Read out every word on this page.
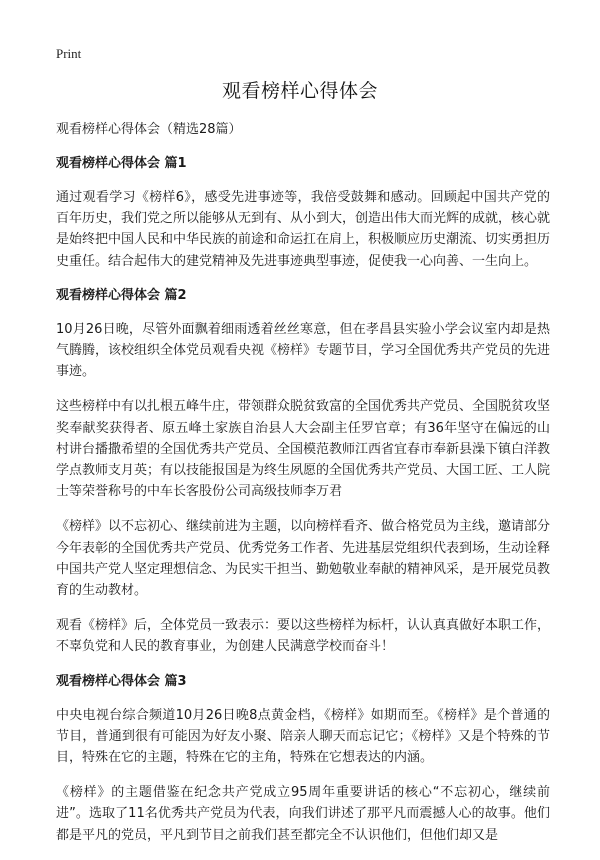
Print
观看榜样心得体会

观看榜样心得体会（精选28篇）

观看榜样心得体会 篇1

通过观看学习《榜样6》，感受先进事迹等，我倍受鼓舞和感动。回顾起中国共产党的百年历史，我们党之所以能够从无到有、从小到大，创造出伟大而光辉的成就，核心就是始终把中国人民和中华民族的前途和命运扛在肩上，积极顺应历史潮流、切实勇担历史重任。结合起伟大的建党精神及先进事迹典型事迹，促使我一心向善、一生向上。

观看榜样心得体会 篇2

10月26日晚，尽管外面飘着细雨透着丝丝寒意，但在孝昌县实验小学会议室内却是热气腾腾，该校组织全体党员观看央视《榜样》专题节目，学习全国优秀共产党员的先进事迹。

这些榜样中有以扎根五峰牛庄，带领群众脱贫致富的全国优秀共产党员、全国脱贫攻坚奖奉献奖获得者、原五峰土家族自治县人大会副主任罗官章；有36年坚守在偏远的山村讲台播撒希望的全国优秀共产党员、全国模范教师江西省宜春市奉新县澡下镇白洋教学点教师支月英；有以技能报国是为终生夙愿的全国优秀共产党员、大国工匠、工人院士等荣誉称号的中车长客股份公司高级技师李万君

《榜样》以不忘初心、继续前进为主题，以向榜样看齐、做合格党员为主线，邀请部分今年表彰的全国优秀共产党员、优秀党务工作者、先进基层党组织代表到场，生动诠释中国共产党人坚定理想信念、为民实干担当、勤勉敬业奉献的精神风采，是开展党员教育的生动教材。

观看《榜样》后，全体党员一致表示：要以这些榜样为标杆，认认真真做好本职工作，不辜负党和人民的教育事业，为创建人民满意学校而奋斗！

观看榜样心得体会 篇3

中央电视台综合频道10月26日晚8点黄金档，《榜样》如期而至。《榜样》是个普通的节目，普通到很有可能因为好友小聚、陪亲人聊天而忘记它；《榜样》又是个特殊的节目，特殊在它的主题，特殊在它的主角，特殊在它想表达的内涵。

《榜样》的主题借鉴在纪念共产党成立95周年重要讲话的核心“不忘初心，继续前进”。选取了11名优秀共产党员为代表，向我们讲述了那平凡而震撼人心的故事。他们都是平凡的党员，平凡到节目之前我们甚至都完全不认识他们，但他们却又是
